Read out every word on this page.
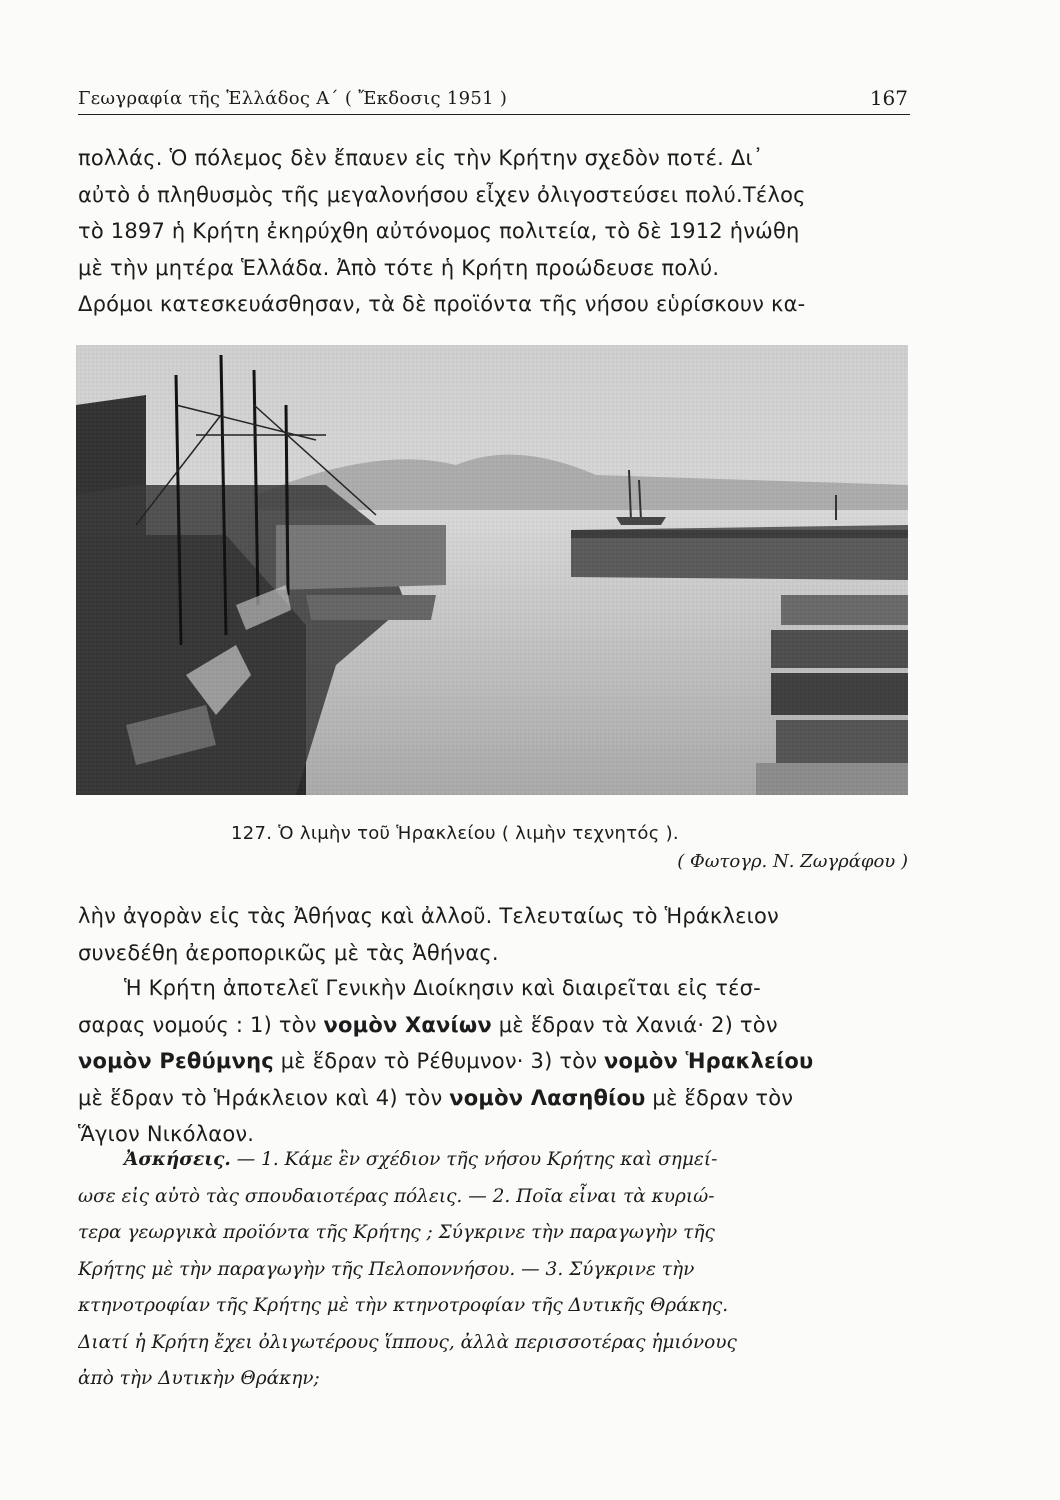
Γεωγραφία τῆς Ἑλλάδος Α΄ ( Ἔκδοσις 1951 )	167
πολλάς. Ὁ πόλεμος δὲν ἔπαυεν εἰς τὴν Κρήτην σχεδὸν ποτέ. Δι᾽
αὐτὸ ὁ πληθυσμὸς τῆς μεγαλονήσου εἶχεν ὀλιγοστεύσει πολύ.Τέλος
τὸ 1897 ἡ Κρήτη ἐκηρύχθη αὐτόνομος πολιτεία, τὸ δὲ 1912 ἡνώθη
μὲ τὴν μητέρα Ἑλλάδα. Ἀπὸ τότε ἡ Κρήτη προώδευσε πολύ.
Δρόμοι κατεσκευάσθησαν, τὰ δὲ προϊόντα τῆς νήσου εὑρίσκουν κα-
127. Ὁ λιμὴν τοῦ Ἡρακλείου ( λιμὴν τεχνητός ).
( Φωτογρ. Ν. Ζωγράφου )
λὴν ἀγορὰν εἰς τὰς Ἀθήνας καὶ ἀλλοῦ. Τελευταίως τὸ Ἡράκλειον
συνεδέθη ἀεροπορικῶς μὲ τὰς Ἀθήνας.
Ἡ Κρήτη ἀποτελεῖ Γενικὴν Διοίκησιν καὶ διαιρεῖται εἰς τέσ-
σαρας νομούς : 1) τὸν νομὸν Χανίων μὲ ἕδραν τὰ Χανιά· 2) τὸν
νομὸν Ρεθύμνης μὲ ἕδραν τὸ Ρέθυμνον· 3) τὸν νομὸν Ἡρακλείου
μὲ ἕδραν τὸ Ἡράκλειον καὶ 4) τὸν νομὸν Λασηθίου μὲ ἕδραν τὸν
Ἅγιον Νικόλαον.
Ἀσκήσεις. — 1. Κάμε ἓν σχέδιον τῆς νήσου Κρήτης καὶ σημεί-
ωσε εἰς αὐτὸ τὰς σπουδαιοτέρας πόλεις. — 2. Ποῖα εἶναι τὰ κυριώ-
τερα γεωργικὰ προϊόντα τῆς Κρήτης ; Σύγκρινε τὴν παραγωγὴν τῆς
Κρήτης μὲ τὴν παραγωγὴν τῆς Πελοποννήσου. — 3. Σύγκρινε τὴν
κτηνοτροφίαν τῆς Κρήτης μὲ τὴν κτηνοτροφίαν τῆς Δυτικῆς Θράκης.
Διατί ἡ Κρήτη ἔχει ὀλιγωτέρους ἵππους, ἀλλὰ περισσοτέρας ἡμιόνους
ἀπὸ τὴν Δυτικὴν Θράκην;
